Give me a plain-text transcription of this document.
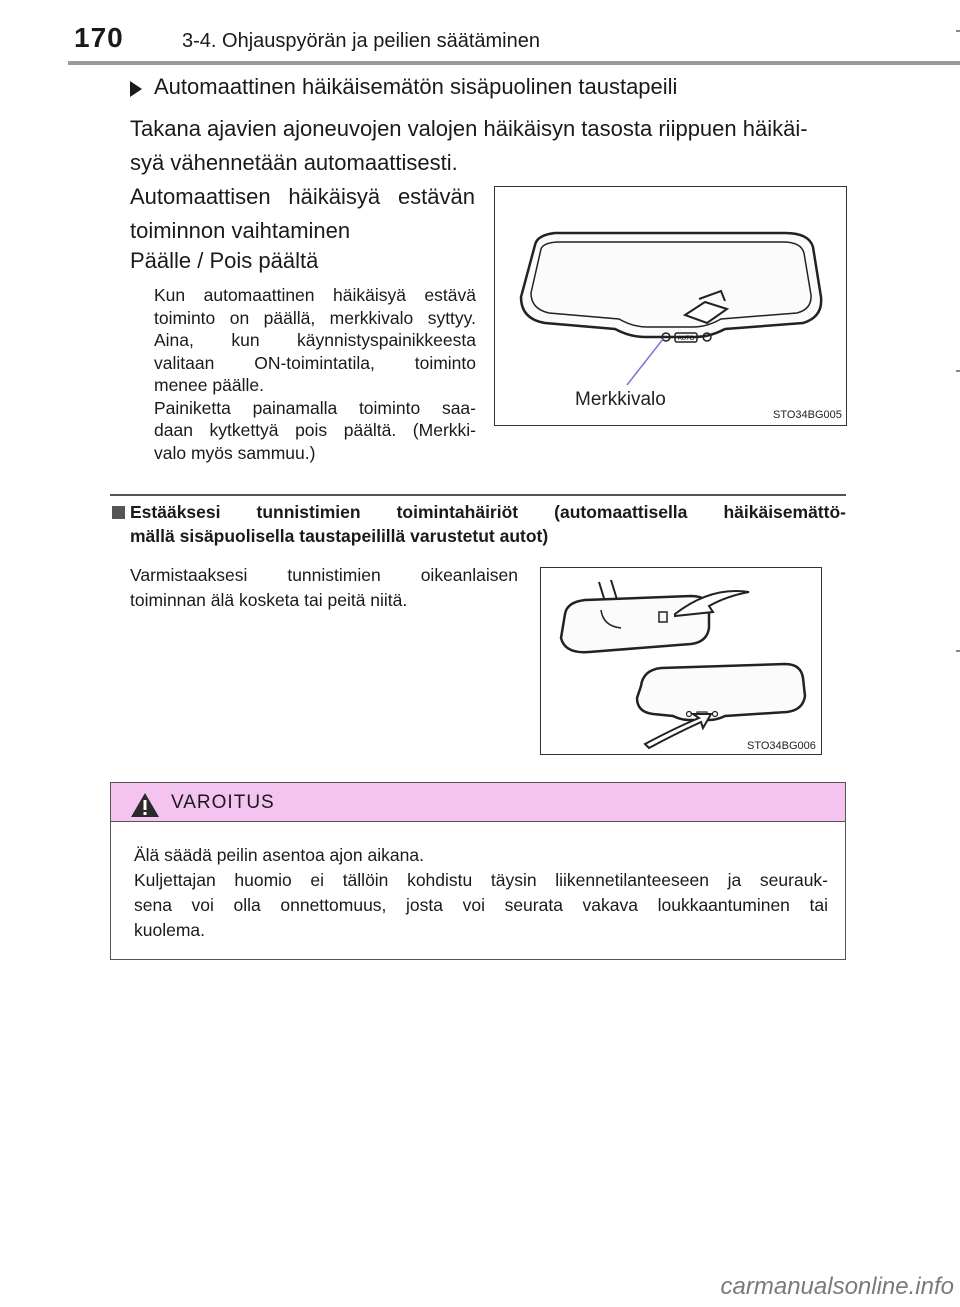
170	3-4. Ohjauspyörän ja peilien säätäminen
Automaattinen häikäisemätön sisäpuolinen taustapeili
Takana ajavien ajoneuvojen valojen häikäisyn tasosta riippuen häikäi-
syä vähennetään automaattisesti.
Automaattisen häikäisyä estävän
toiminnon vaihtaminen
Päälle / Pois päältä
Kun automaattinen häikäisyä estävä
toiminto on päällä, merkkivalo syttyy.
Aina, kun käynnistyspainikkeesta
valitaan ON-toimintatila, toiminto
menee päälle.
Painiketta painamalla toiminto saa-
daan kytkettyä pois päältä. (Merkki-
valo myös sammuu.)
AUTO
Merkkivalo
STO34BG005
Estääksesi tunnistimien toimintahäiriöt (automaattisella häikäisemättö-
mällä sisäpuolisella taustapeilillä varustetut autot)
Varmistaaksesi tunnistimien oikeanlaisen
toiminnan älä kosketa tai peitä niitä.
STO34BG006
VAROITUS
Älä säädä peilin asentoa ajon aikana.
Kuljettajan huomio ei tällöin kohdistu täysin liikennetilanteeseen ja seurauk-
sena voi olla onnettomuus, josta voi seurata vakava loukkaantuminen tai
kuolema.
carmanualsonline.info
